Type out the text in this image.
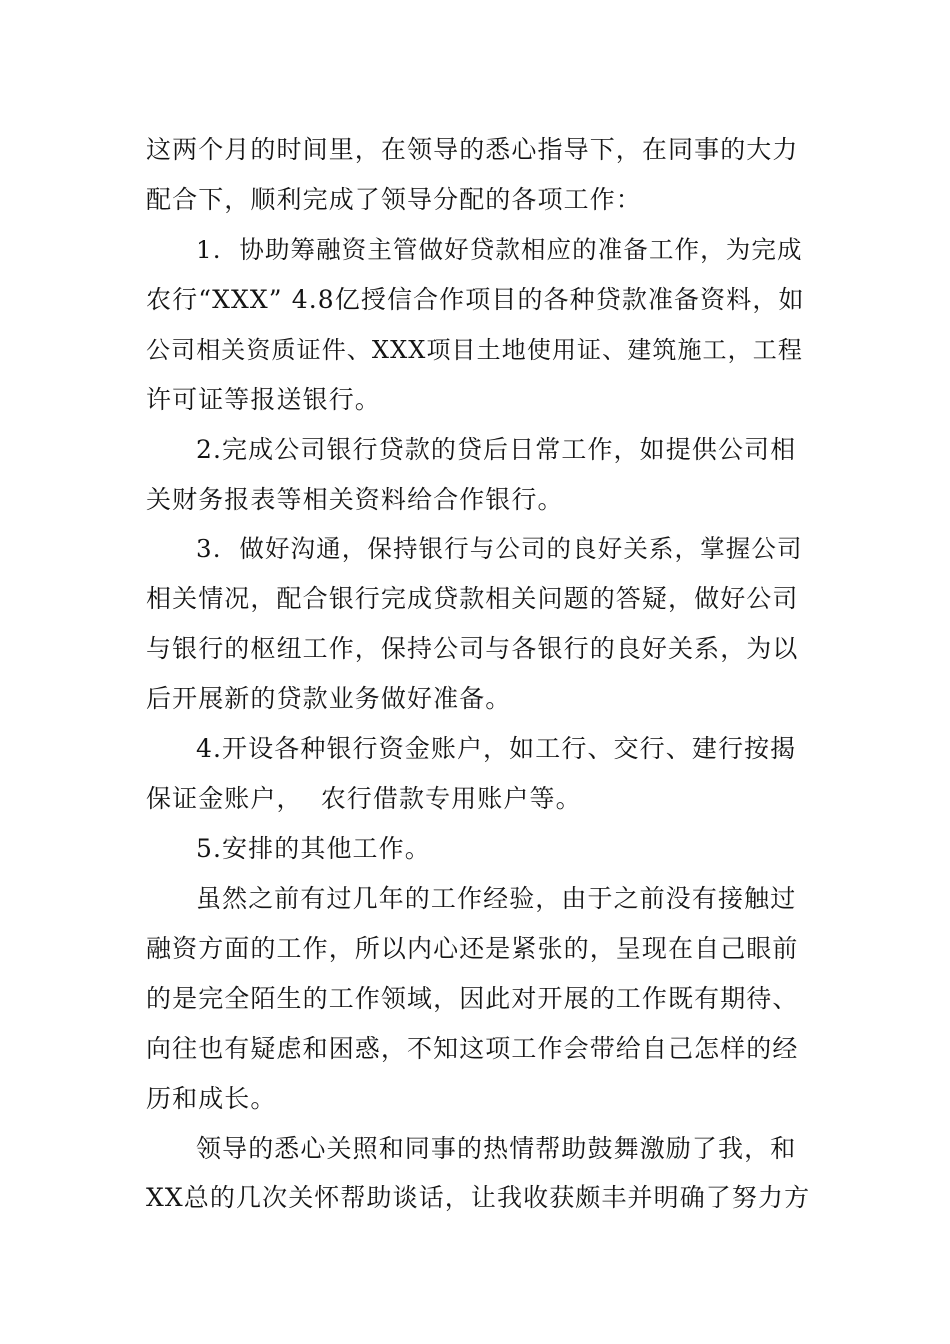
这两个月的时间里，在领导的悉心指导下，在同事的大力
配合下，顺利完成了领导分配的各项工作：
1.  协助筹融资主管做好贷款相应的准备工作，为完成
农行“XXX” 4.8亿授信合作项目的各种贷款准备资料，如
公司相关资质证件、XXX项目土地使用证、建筑施工，工程
许可证等报送银行。
2.完成公司银行贷款的贷后日常工作，如提供公司相
关财务报表等相关资料给合作银行。
3.  做好沟通，保持银行与公司的良好关系，掌握公司
相关情况，配合银行完成贷款相关问题的答疑，做好公司
与银行的枢纽工作，保持公司与各银行的良好关系，为以
后开展新的贷款业务做好准备。
4.开设各种银行资金账户，如工行、交行、建行按揭
保证金账户，  农行借款专用账户等。
5.安排的其他工作。
虽然之前有过几年的工作经验，由于之前没有接触过
融资方面的工作，所以内心还是紧张的，呈现在自己眼前
的是完全陌生的工作领域，因此对开展的工作既有期待、
向往也有疑虑和困惑，不知这项工作会带给自己怎样的经
历和成长。
领导的悉心关照和同事的热情帮助鼓舞激励了我，和
XX总的几次关怀帮助谈话，让我收获颇丰并明确了努力方
